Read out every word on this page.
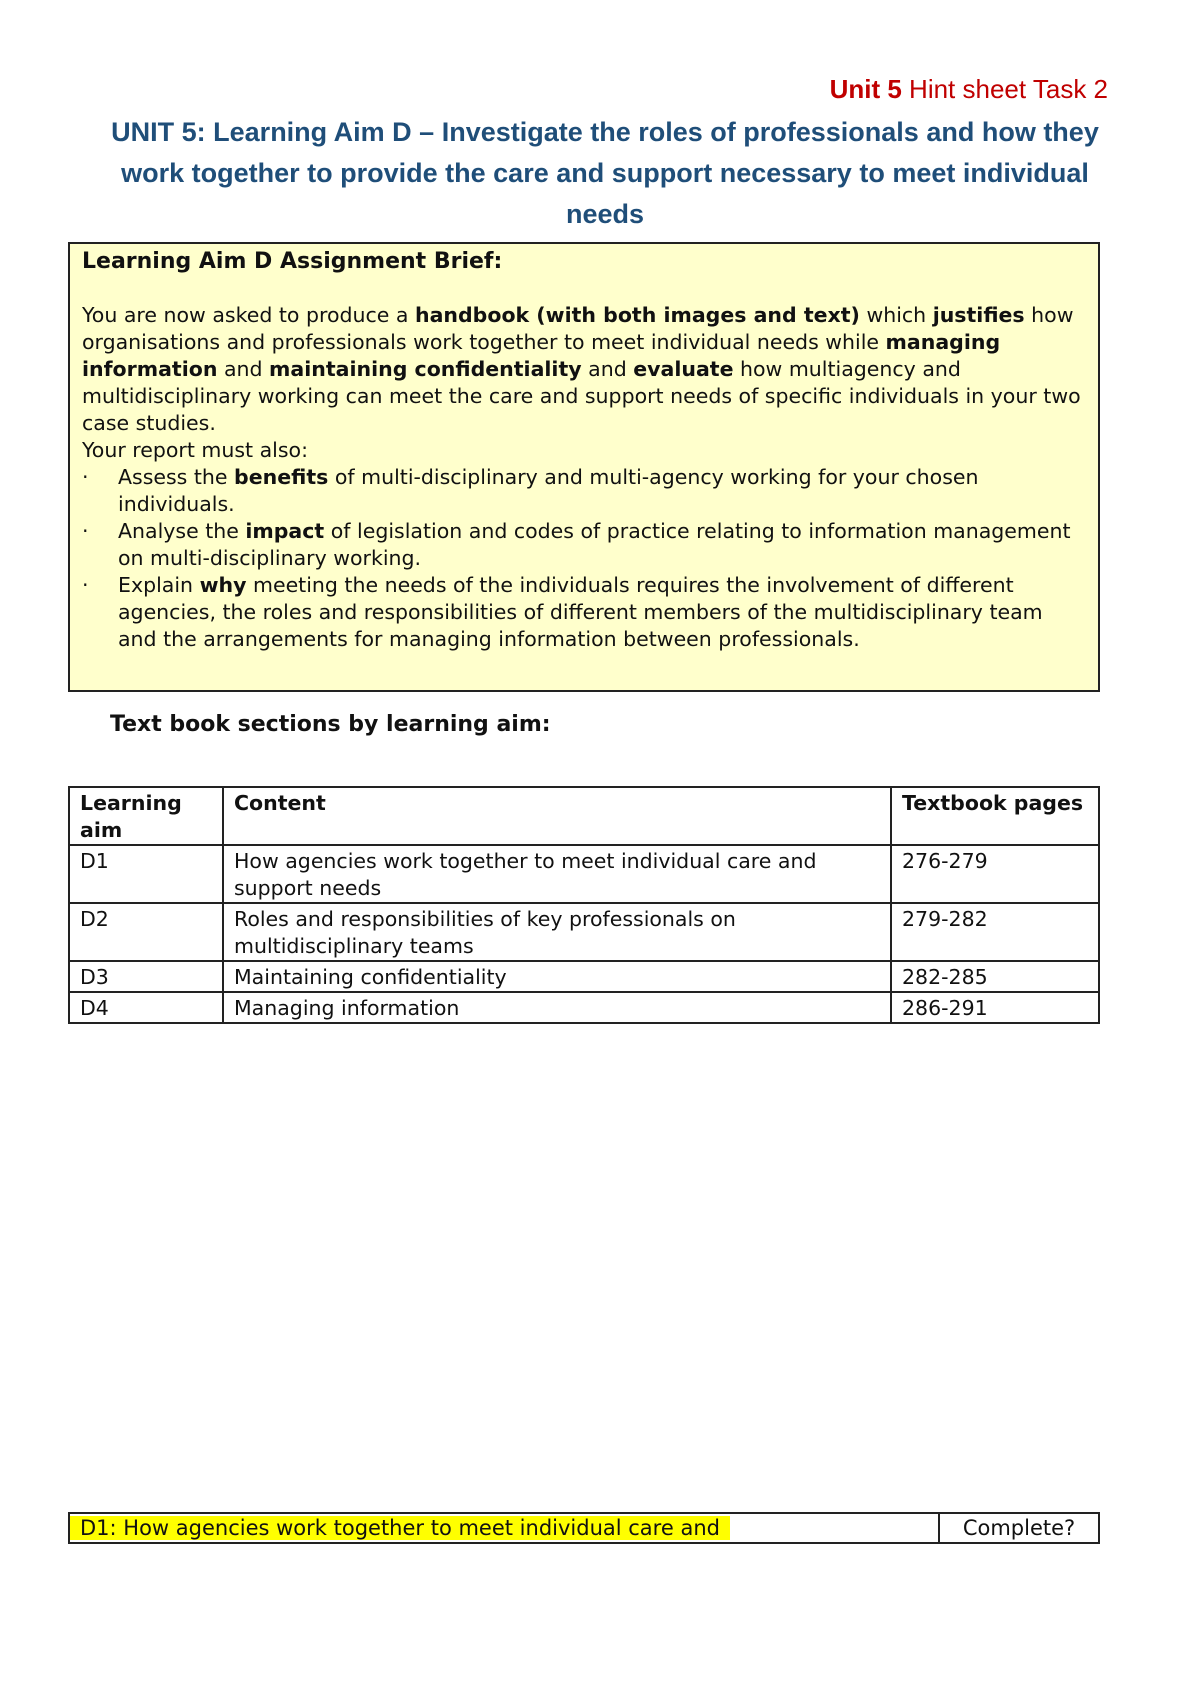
Unit 5 Hint sheet Task 2
UNIT 5: Learning Aim D – Investigate the roles of professionals and how they work together to provide the care and support necessary to meet individual needs

Learning Aim D Assignment Brief:

You are now asked to produce a handbook (with both images and text) which justifies how organisations and professionals work together to meet individual needs while managing information and maintaining confidentiality and evaluate how multiagency and multidisciplinary working can meet the care and support needs of specific individuals in your two case studies.

Your report must also:

· Assess the benefits of multi-disciplinary and multi-agency working for your chosen individuals.
· Analyse the impact of legislation and codes of practice relating to information management on multi-disciplinary working.
· Explain why meeting the needs of the individuals requires the involvement of different agencies, the roles and responsibilities of different members of the multidisciplinary team and the arrangements for managing information between professionals.
Text book sections by learning aim:
Learning aim	Content	Textbook pages
D1	How agencies work together to meet individual care and support needs	276-279
D2	Roles and responsibilities of key professionals on multidisciplinary teams	279-282
D3	Maintaining confidentiality	282-285
D4	Managing information	286-291
D1: How agencies work together to meet individual care and	Complete?
